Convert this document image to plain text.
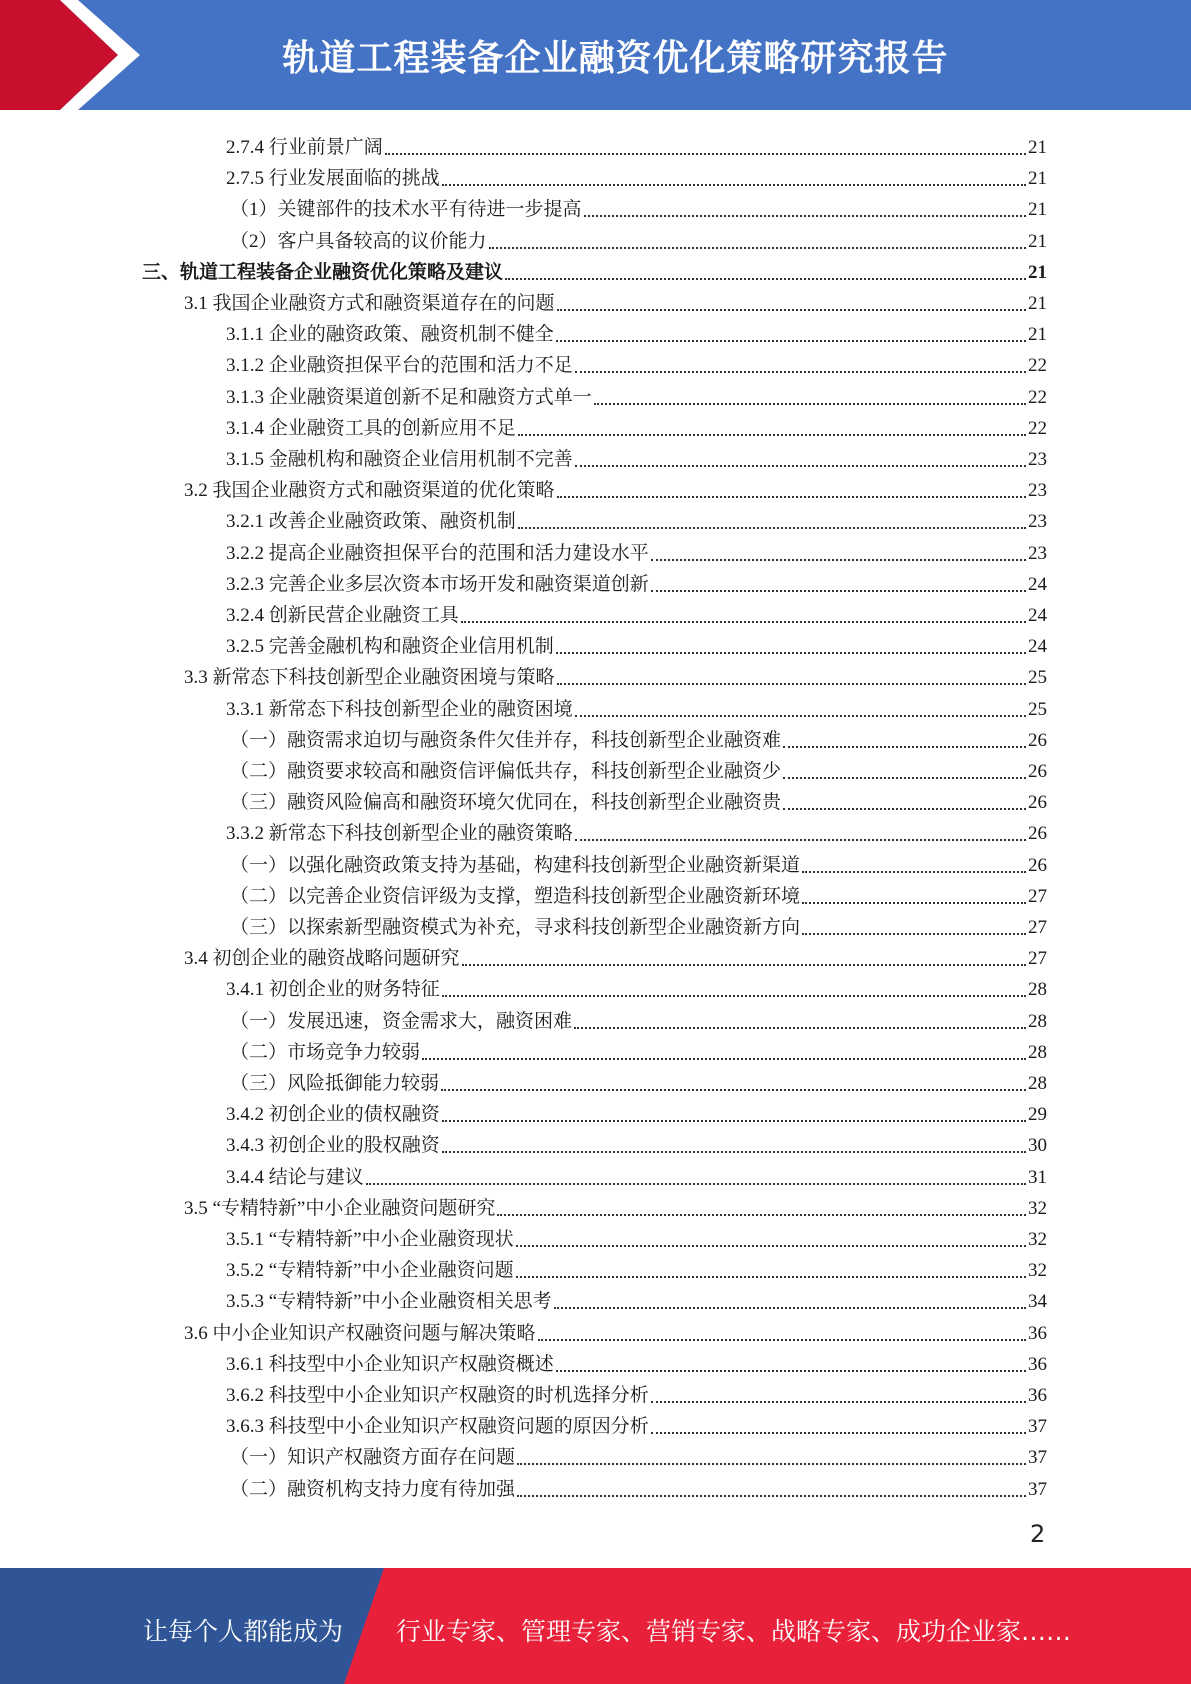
轨道工程装备企业融资优化策略研究报告
2.7.4 行业前景广阔	21
2.7.5 行业发展面临的挑战	21
（1）关键部件的技术水平有待进一步提高	21
（2）客户具备较高的议价能力	21
三、轨道工程装备企业融资优化策略及建议	21
3.1 我国企业融资方式和融资渠道存在的问题	21
3.1.1 企业的融资政策、融资机制不健全	21
3.1.2 企业融资担保平台的范围和活力不足	22
3.1.3 企业融资渠道创新不足和融资方式单一	22
3.1.4 企业融资工具的创新应用不足	22
3.1.5 金融机构和融资企业信用机制不完善	23
3.2 我国企业融资方式和融资渠道的优化策略	23
3.2.1 改善企业融资政策、融资机制	23
3.2.2 提高企业融资担保平台的范围和活力建设水平	23
3.2.3 完善企业多层次资本市场开发和融资渠道创新	24
3.2.4 创新民营企业融资工具	24
3.2.5 完善金融机构和融资企业信用机制	24
3.3 新常态下科技创新型企业融资困境与策略	25
3.3.1 新常态下科技创新型企业的融资困境	25
（一）融资需求迫切与融资条件欠佳并存，科技创新型企业融资难	26
（二）融资要求较高和融资信评偏低共存，科技创新型企业融资少	26
（三）融资风险偏高和融资环境欠优同在，科技创新型企业融资贵	26
3.3.2 新常态下科技创新型企业的融资策略	26
（一）以强化融资政策支持为基础，构建科技创新型企业融资新渠道	26
（二）以完善企业资信评级为支撑，塑造科技创新型企业融资新环境	27
（三）以探索新型融资模式为补充，寻求科技创新型企业融资新方向	27
3.4 初创企业的融资战略问题研究	27
3.4.1 初创企业的财务特征	28
（一）发展迅速，资金需求大，融资困难	28
（二）市场竞争力较弱	28
（三）风险抵御能力较弱	28
3.4.2 初创企业的债权融资	29
3.4.3 初创企业的股权融资	30
3.4.4 结论与建议	31
3.5 “专精特新”中小企业融资问题研究	32
3.5.1 “专精特新”中小企业融资现状	32
3.5.2 “专精特新”中小企业融资问题	32
3.5.3 “专精特新”中小企业融资相关思考	34
3.6 中小企业知识产权融资问题与解决策略	36
3.6.1 科技型中小企业知识产权融资概述	36
3.6.2 科技型中小企业知识产权融资的时机选择分析	36
3.6.3 科技型中小企业知识产权融资问题的原因分析	37
（一）知识产权融资方面存在问题	37
（二）融资机构支持力度有待加强	37
2
让每个人都能成为 行业专家、管理专家、营销专家、战略专家、成功企业家……
